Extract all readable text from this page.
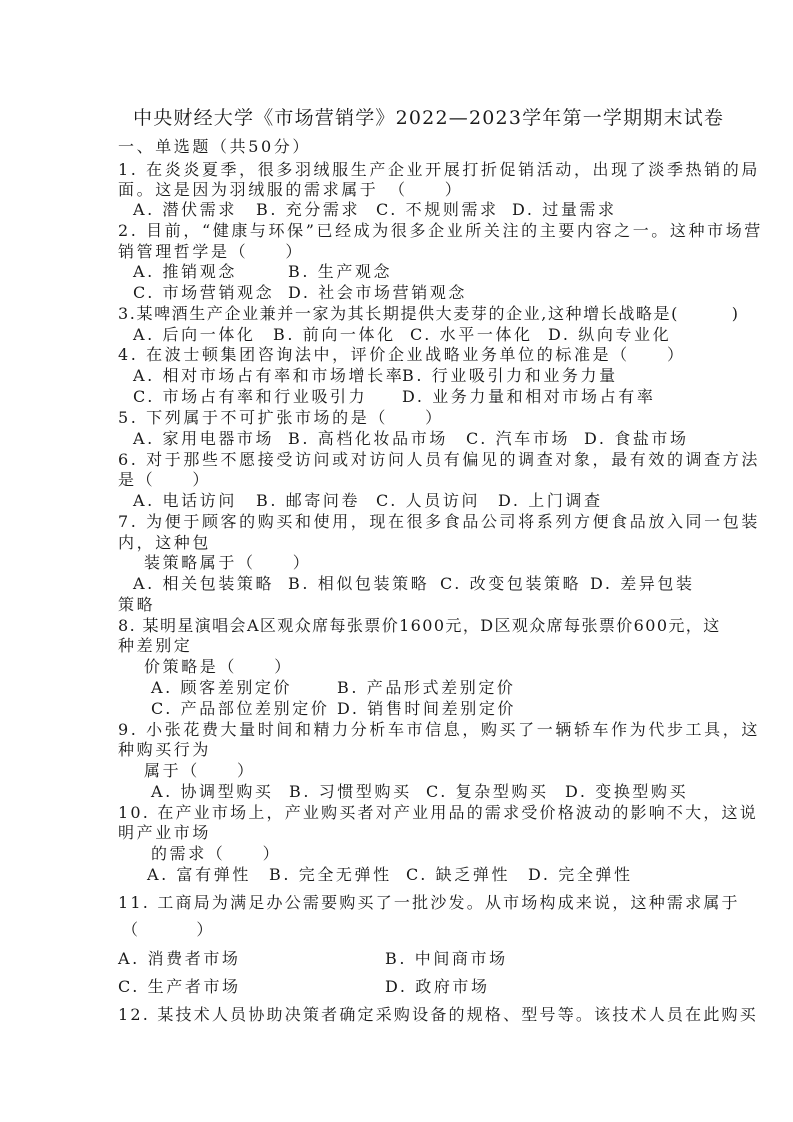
中央财经大学《市场营销学》2022—2023学年第一学期期末试卷
一、单选题（共50分）
1. 在炎炎夏季，很多羽绒服生产企业开展打折促销活动，出现了淡季热销的局
面。这是因为羽绒服的需求属于　（　　）
A. 潜伏需求 B. 充分需求 C. 不规则需求 D. 过量需求
2. 目前，“健康与环保”已经成为很多企业所关注的主要内容之一。这种市场营
销管理哲学是（　　）
A. 推销观念	B. 生产观念
C. 市场营销观念 D. 社会市场营销观念
3.某啤酒生产企业兼并一家为其长期提供大麦芽的企业,这种增长战略是(　　　)
A. 后向一体化 B. 前向一体化 C. 水平一体化 D. 纵向专业化
4. 在波士顿集团咨询法中，评价企业战略业务单位的标准是（　　）
A. 相对市场占有率和市场增长率
B. 行业吸引力和业务力量
C. 市场占有率和行业吸引力 D. 业务力量和相对市场占有率
5. 下列属于不可扩张市场的是（　　）
A. 家用电器市场 B. 高档化妆品市场 C. 汽车市场 D. 食盐市场
6. 对于那些不愿接受访问或对访问人员有偏见的调查对象，最有效的调查方法
是（　　）
A. 电话访问 B. 邮寄问卷 C. 人员访问 D. 上门调查
7. 为便于顾客的购买和使用，现在很多食品公司将系列方便食品放入同一包装
内，这种包
装策略属于（　　）
A. 相关包装策略 B. 相似包装策略 C. 改变包装策略 D. 差异包装
策略
8. 某明星演唱会A区观众席每张票价1600元，D区观众席每张票价600元，这
种差别定
价策略是（　　）
A. 顾客差别定价	B. 产品形式差别定价
C. 产品部位差别定价 D. 销售时间差别定价
9. 小张花费大量时间和精力分析车市信息，购买了一辆轿车作为代步工具，这
种购买行为
属于（　　）
A. 协调型购买 B. 习惯型购买 C. 复杂型购买 D. 变换型购买
10. 在产业市场上，产业购买者对产业用品的需求受价格波动的影响不大，这说
明产业市场
的需求（　　）
A. 富有弹性 B. 完全无弹性 C. 缺乏弹性 D. 完全弹性
11. 工商局为满足办公需要购买了一批沙发。从市场构成来说，这种需求属于
（　　　）
A. 消费者市场	B. 中间商市场
C. 生产者市场	D. 政府市场
12. 某技术人员协助决策者确定采购设备的规格、型号等。该技术人员在此购买
